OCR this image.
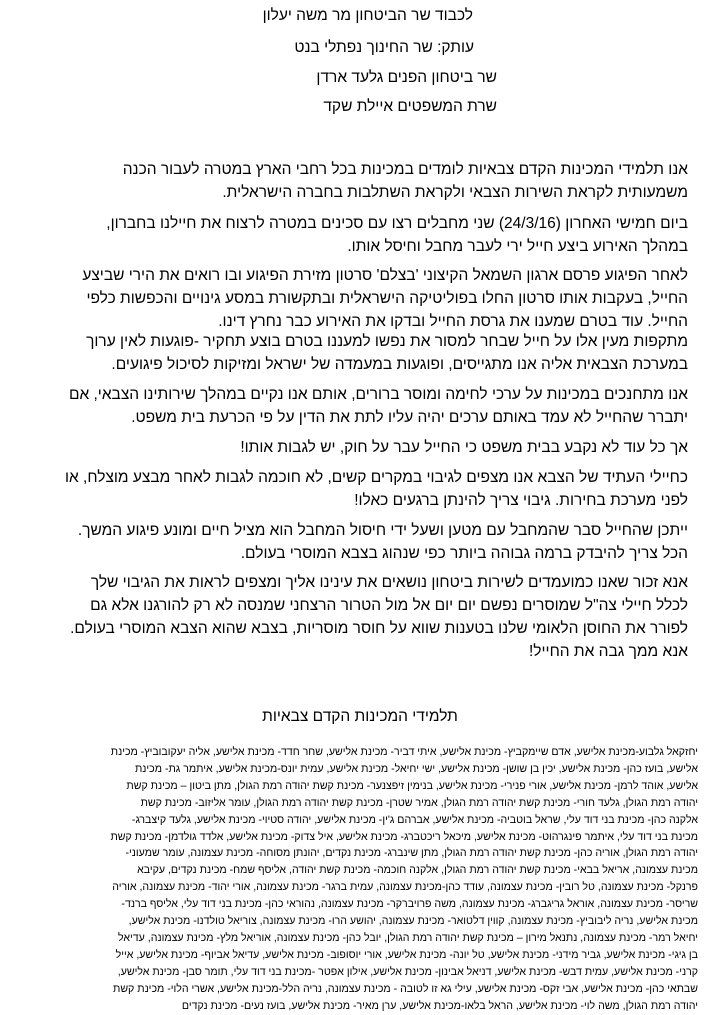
לכבוד שר הביטחון מר משה יעלון
עותק: שר החינוך נפתלי בנט
שר ביטחון הפנים גלעד ארדן
שרת המשפטים איילת שקד
אנו תלמידי המכינות הקדם צבאיות לומדים במכינות בכל רחבי הארץ במטרה לעבור הכנה
משמעותית לקראת השירות הצבאי ולקראת השתלבות בחברה הישראלית.
ביום חמישי האחרון (24/3/16) שני מחבלים רצו עם סכינים במטרה לרצוח את חיילנו בחברון,
במהלך האירוע ביצע חייל ירי לעבר מחבל וחיסל אותו.
לאחר הפיגוע פרסם ארגון השמאל הקיצוני 'בצלם' סרטון מזירת הפיגוע ובו רואים את הירי שביצע
החייל, בעקבות אותו סרטון החלו בפוליטיקה הישראלית ובתקשורת במסע גינויים והכפשות כלפי
החייל. עוד בטרם שמענו את גרסת החייל ובדקו את האירוע כבר נחרץ דינו.
מתקפות מעין אלו על חייל שבחר למסור את נפשו למעננו בטרם בוצע תחקיר -פוגעות לאין ערוך
במערכת הצבאית אליה אנו מתגייסים, ופוגעות במעמדה של ישראל ומזיקות לסיכול פיגועים.
אנו מתחנכים במכינות על ערכי לחימה ומוסר ברורים, אותם אנו נקיים במהלך שירותינו הצבאי, אם
יתברר שהחייל לא עמד באותם ערכים יהיה עליו לתת את הדין על פי הכרעת בית משפט.
אך כל עוד לא נקבע בבית משפט כי החייל עבר על חוק, יש לגבות אותו!
כחיילי העתיד של הצבא אנו מצפים לגיבוי במקרים קשים, לא חוכמה לגבות לאחר מבצע מוצלח, או
לפני מערכת בחירות. גיבוי צריך להינתן ברגעים כאלו!
ייתכן שהחייל סבר שהמחבל עם מטען ושעל ידי חיסול המחבל הוא מציל חיים ומונע פיגוע המשך.
הכל צריך להיבדק ברמה גבוהה ביותר כפי שנהוג בצבא המוסרי בעולם.
אנא זכור שאנו כמועמדים לשירות ביטחון נושאים את עינינו אליך ומצפים לראות את הגיבוי שלך
לכלל חיילי צה"ל שמוסרים נפשם יום יום אל מול הטרור הרצחני שמנסה לא רק להורגנו אלא גם
לפורר את החוסן הלאומי שלנו בטענות שווא על חוסר מוסריות, בצבא שהוא הצבא המוסרי בעולם.
אנא ממך גבה את החייל!
תלמידי המכינות הקדם צבאיות
יחזקאל גלבוע-מכינת אלישע, אדם שיימקביץ- מכינת אלישע, איתי דביר- מכינת אלישע, שחר חדד- מכינת אלישע, אליה יעקובוביץ- מכינת
אלישע, בועז כהן- מכינת אלישע, יכין בן שושן- מכינת אלישע, ישי יחיאל- מכינת אלישע, עמית יונס-מכינת אלישע, איתמר גת- מכינת
אלישע, אוהד לרמן- מכינת אלישע, אורי פנירי- מכינת אלישע, בנימין זיפצנער- מכינת קשת יהודה רמת הגולן, מתן ביטון – מכינת קשת
יהודה רמת הגולן, גלעד חורי- מכינת קשת יהודה רמת הגולן, אמיר שטרן- מכינת קשת יהודה רמת הגולן, עומר אליזוב- מכינת קשת
אלקנה כהן- מכינת בני דוד עלי, שראל בוטביה- מכינת אלישע, אברהם ג'ין- מכינת אלישע, יהודה סטיוי- מכינת אלישע, גלעד קיצברג-
מכינת בני דוד עלי, איתמר פינגרהוט- מכינת אלישע, מיכאל ריכטברג- מכינת אלישע, איל צדוק- מכינת אלישע, אלדד גולדמן- מכינת קשת
יהודה רמת הגולן, אוריה כהן- מכינת קשת יהודה רמת הגולן, מתן שינברג- מכינת נקדים, יהונתן מסוחה- מכינת עצמונה, עומר שמעוני-
מכינת עצמונה, אריאל בבאי- מכינת קשת יהודה רמת הגולן, אלקנה חוכמה- מכינת קשת יהודה, אליסף שמח- מכינת נקדים, עקיבא
פרנקל- מכינת עצמונה, טל רובין- מכינת עצמונה, עודד כהן-מכינת עצמונה, עמית ברגר- מכינת עצמונה, אורי יהוד- מכינת עצמונה, אוריה
שריסר- מכינת עצמונה, אוראל גריגברג- מכינת עצמונה, משה פרויברקר- מכינת עצמונה, נהוראי כהן- מכינת בני דוד עלי, אליסף ברנד-
מכינת אלישע, נריה ליבוביץ- מכינת עצמונה, קווין דלטואר- מכינת עצמונה, יהושע הרו- מכינת עצמונה, צוריאל טולדנו- מכינת אלישע,
יחיאל רמר- מכינת עצמונה, נתנאל מירון – מכינת קשת יהודה רמת הגולן, יובל כהן- מכינת עצמונה, אוריאל מלץ- מכינת עצמונה, עדיאל
בן גיגי- מכינת אלישע, גביר מידני- מכינת אלישע, טל יונה- מכינת אלישע, אורי יוסופוב- מכינת אלישע, עדיאל אביוף- מכינת אלישע, אייל
קרני- מכינת אלישע, עמית דבש- מכינת אלישע, דניאל אבינון- מכינת אלישע, אילון אפטר -מכינת בני דוד עלי, תומר סבן- מכינת אלישע,
שבתאי כהן- מכינת אלישע, אבי זקס- מכינת אלישע, עילי גא זו לטובה - מכינת עצמונה, נריה הלל-מכינת אלישע, אשרי הלוי- מכינת קשת
יהודה רמת הגולן, משה לוי- מכינת אלישע, הראל בלאו-מכינת אלישע, ערן מאיר- מכינת אלישע, בועז נעים- מכינת נקדים
